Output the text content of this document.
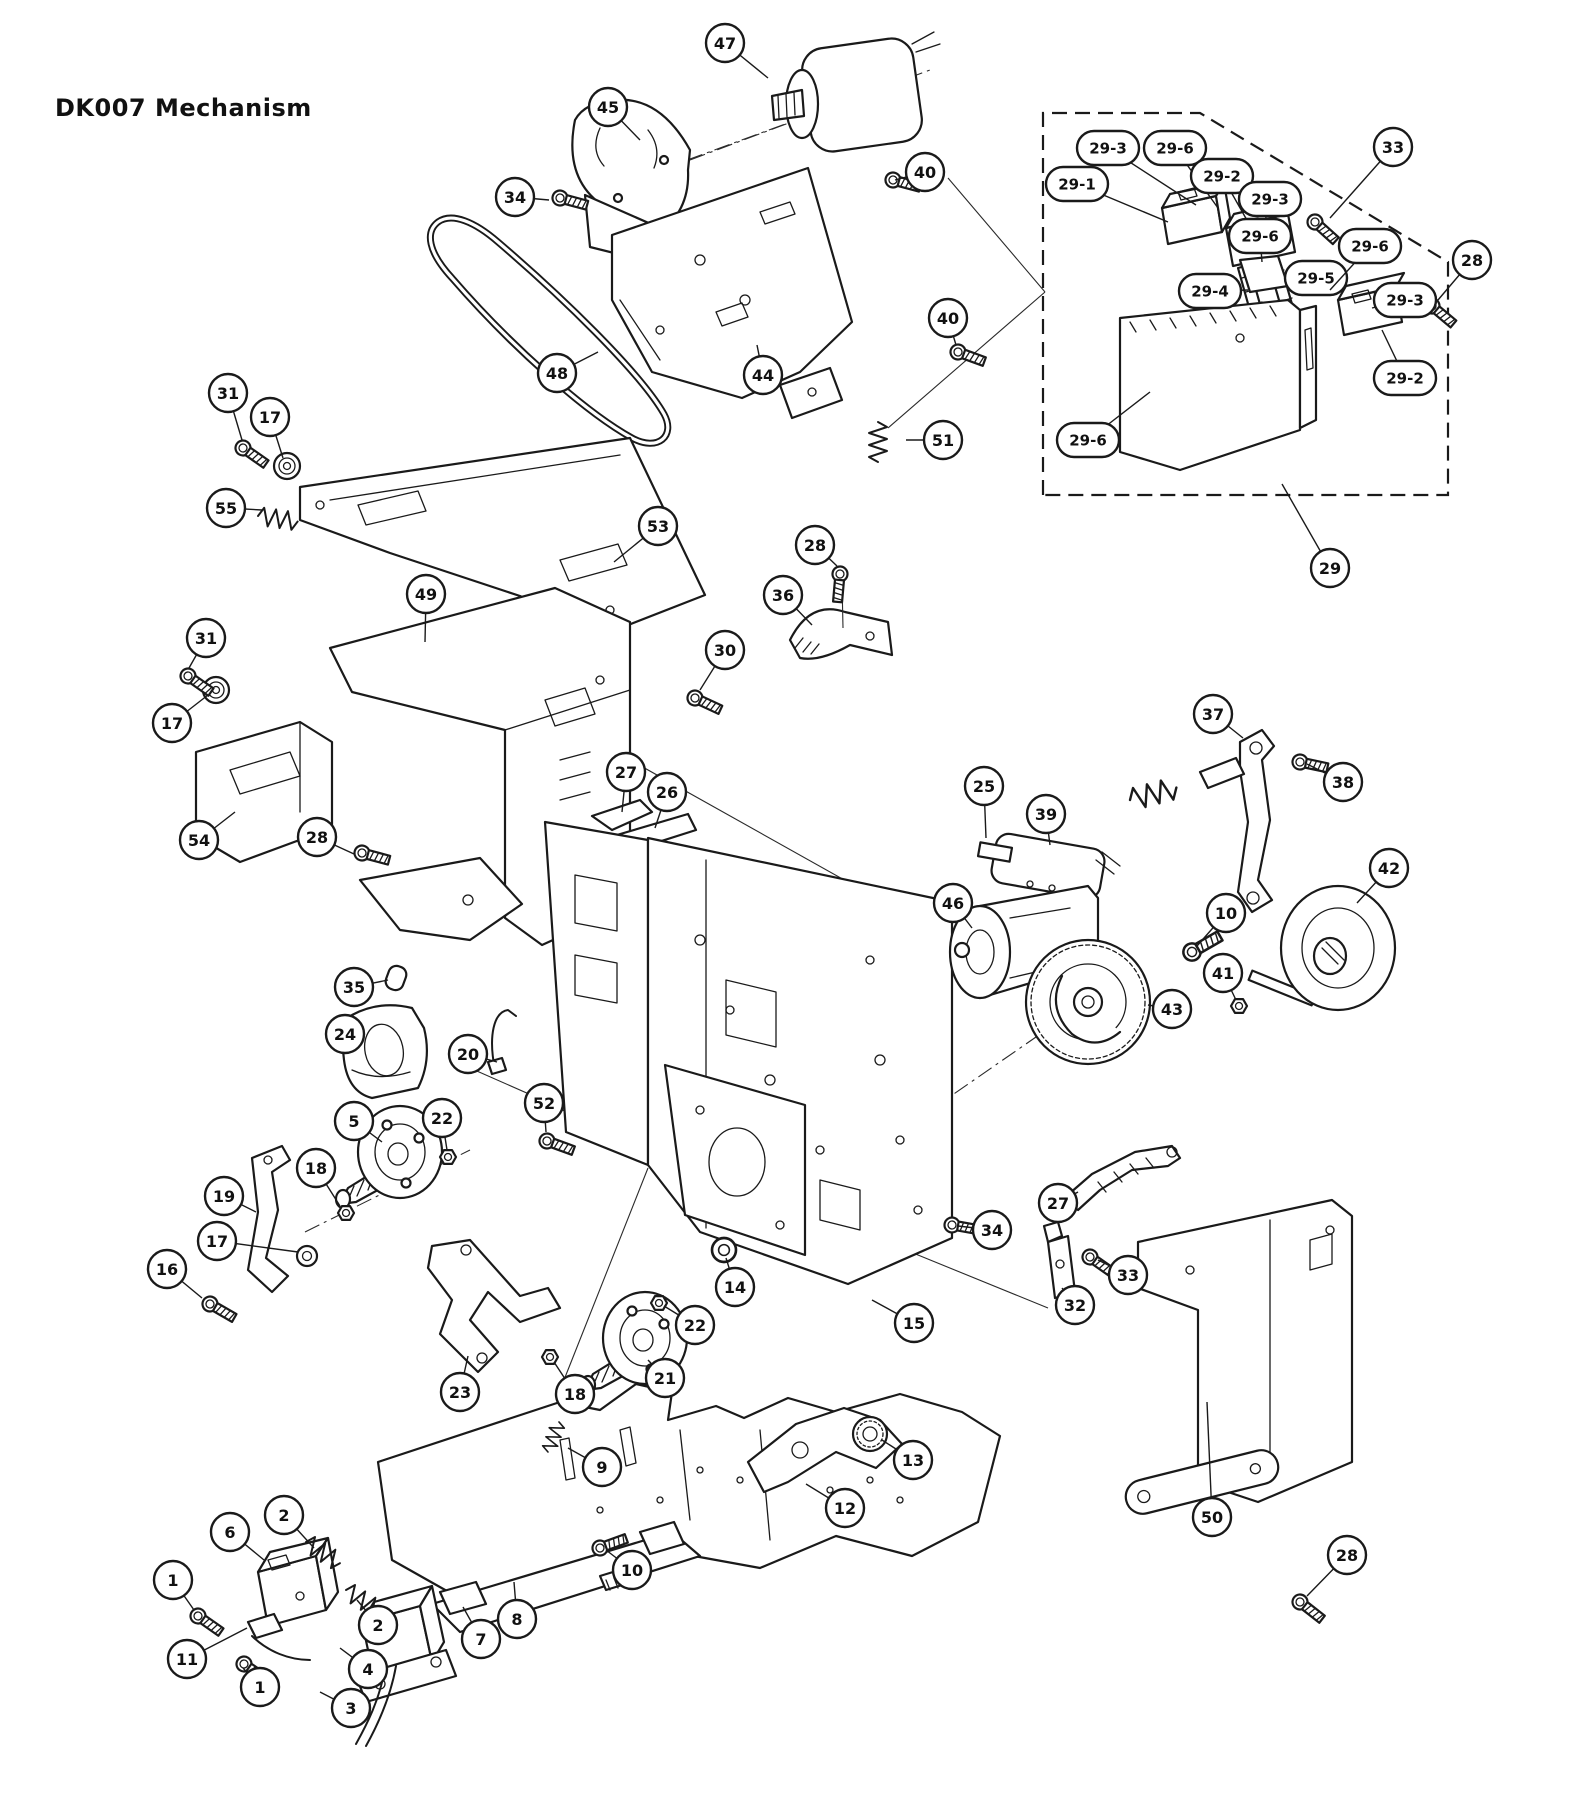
DK007 Mechanism
47
45
34
40
48	44
40
51
33
28
29-3 29-6
29-1	29-2
29-3
29-6
29-5
29-4
29-6
29-3
29-2
29-6
29
31
17
55
53
49
31
17
54	28
27
26
36
28
30
37
38
25
39
46
10
41
42
43
27
34
33
32
15
35
24
20
52
5	22
18
19
17
16
14
22
21
18
23
9	13
12
10
2
6
1
11
1
2
4
3
7
8
50
28
